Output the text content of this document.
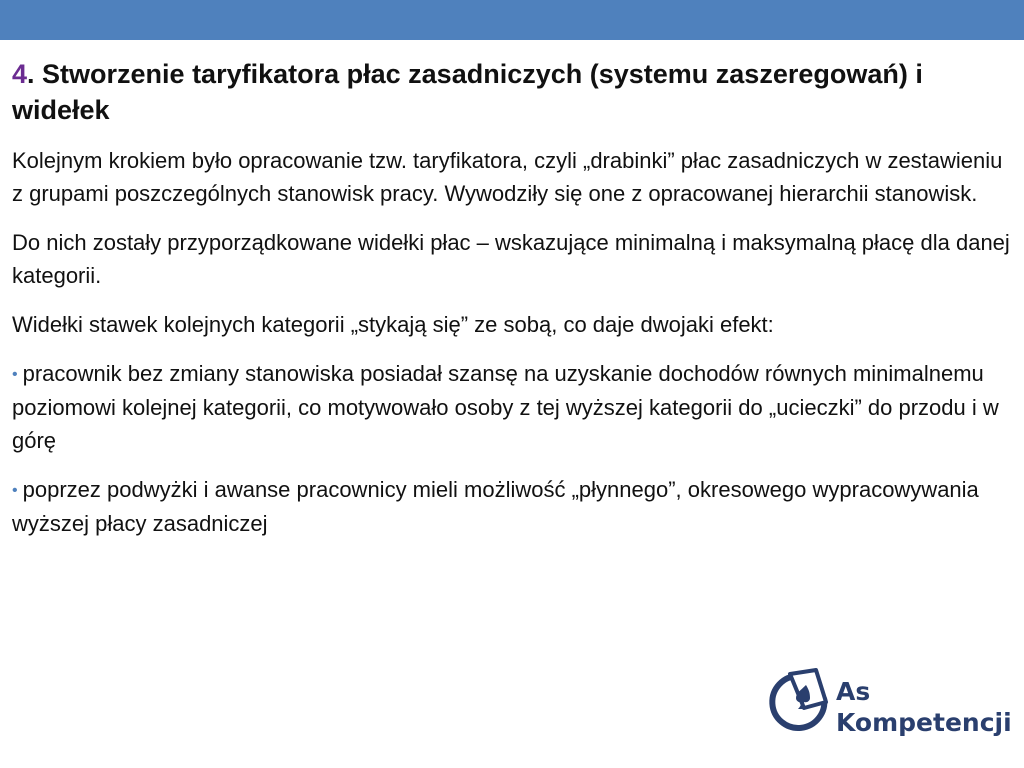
4. Stworzenie taryfikatora płac zasadniczych (systemu zaszeregowań) i widełek

Kolejnym krokiem było opracowanie tzw. taryfikatora, czyli „drabinki” płac zasadniczych w zestawieniu z grupami poszczególnych stanowisk pracy. Wywodziły się one z opracowanej hierarchii stanowisk.

Do nich zostały przyporządkowane widełki płac – wskazujące minimalną i maksymalną płacę dla danej kategorii.

Widełki stawek kolejnych kategorii „stykają się” ze sobą, co daje dwojaki efekt:

• pracownik bez zmiany stanowiska posiadał szansę na uzyskanie dochodów równych minimalnemu poziomowi kolejnej kategorii, co motywowało osoby z tej wyższej kategorii do „ucieczki” do przodu i w górę

• poprzez podwyżki i awanse pracownicy mieli możliwość „płynnego”, okresowego wypracowywania wyższej płacy zasadniczej

As
Kompetencji
